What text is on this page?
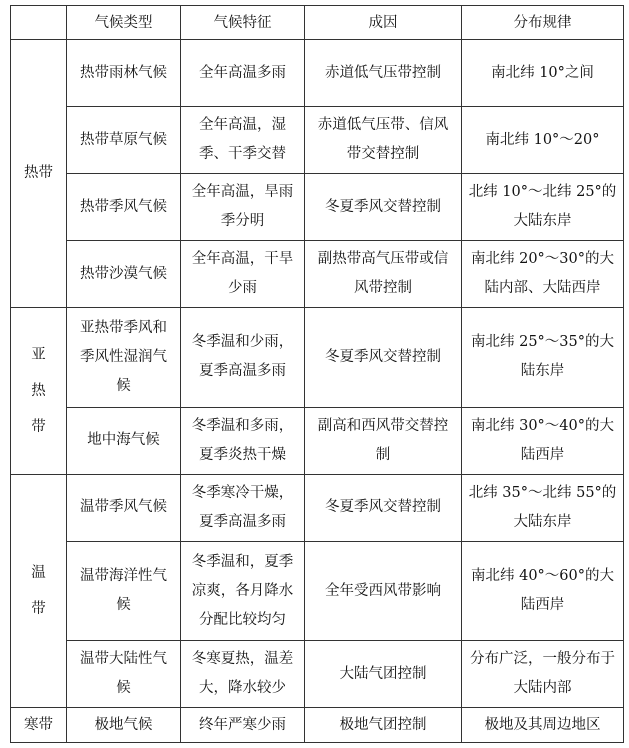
	气候类型	气候特征	成因	分布规律
热带	热带雨林气候	全年高温多雨	赤道低气压带控制	南北纬 10°之间
	热带草原气候	全年高温，湿季、干季交替	赤道低气压带、信风带交替控制	南北纬 10°～20°
	热带季风气候	全年高温，旱雨季分明	冬夏季风交替控制	北纬 10°～北纬 25°的大陆东岸
	热带沙漠气候	全年高温，干旱少雨	副热带高气压带或信风带控制	南北纬 20°～30°的大陆内部、大陆西岸

亚
热
带	亚热带季风和季风性湿润气候	冬季温和少雨，夏季高温多雨	冬夏季风交替控制	南北纬 25°～35°的大陆东岸
	地中海气候	冬季温和多雨，夏季炎热干燥	副高和西风带交替控制	南北纬 30°～40°的大陆西岸

温
带	温带季风气候	冬季寒冷干燥，夏季高温多雨	冬夏季风交替控制	北纬 35°～北纬 55°的大陆东岸
	温带海洋性气候	冬季温和，夏季凉爽，各月降水分配比较均匀	全年受西风带影响	南北纬 40°～60°的大陆西岸
	温带大陆性气候	冬寒夏热，温差大，降水较少	大陆气团控制	分布广泛，一般分布于大陆内部
寒带	极地气候	终年严寒少雨	极地气团控制	极地及其周边地区
